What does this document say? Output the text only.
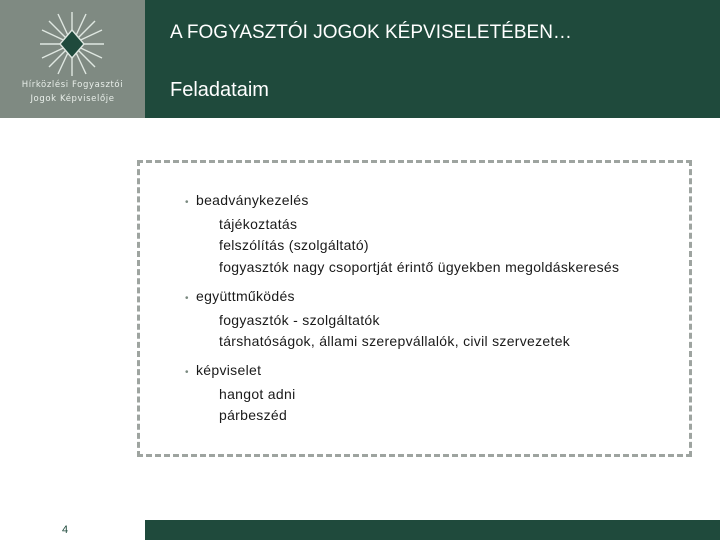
Hírközlési Fogyasztói
Jogok Képviselője
A FOGYASZTÓI JOGOK KÉPVISELETÉBEN…
Feladataim
• beadványkezelés
tájékoztatás
felszólítás (szolgáltató)
fogyasztók nagy csoportját érintő ügyekben megoldáskeresés
• együttműködés
fogyasztók - szolgáltatók
társhatóságok, állami szerepvállalók, civil szervezetek
• képviselet
hangot adni
párbeszéd
4
